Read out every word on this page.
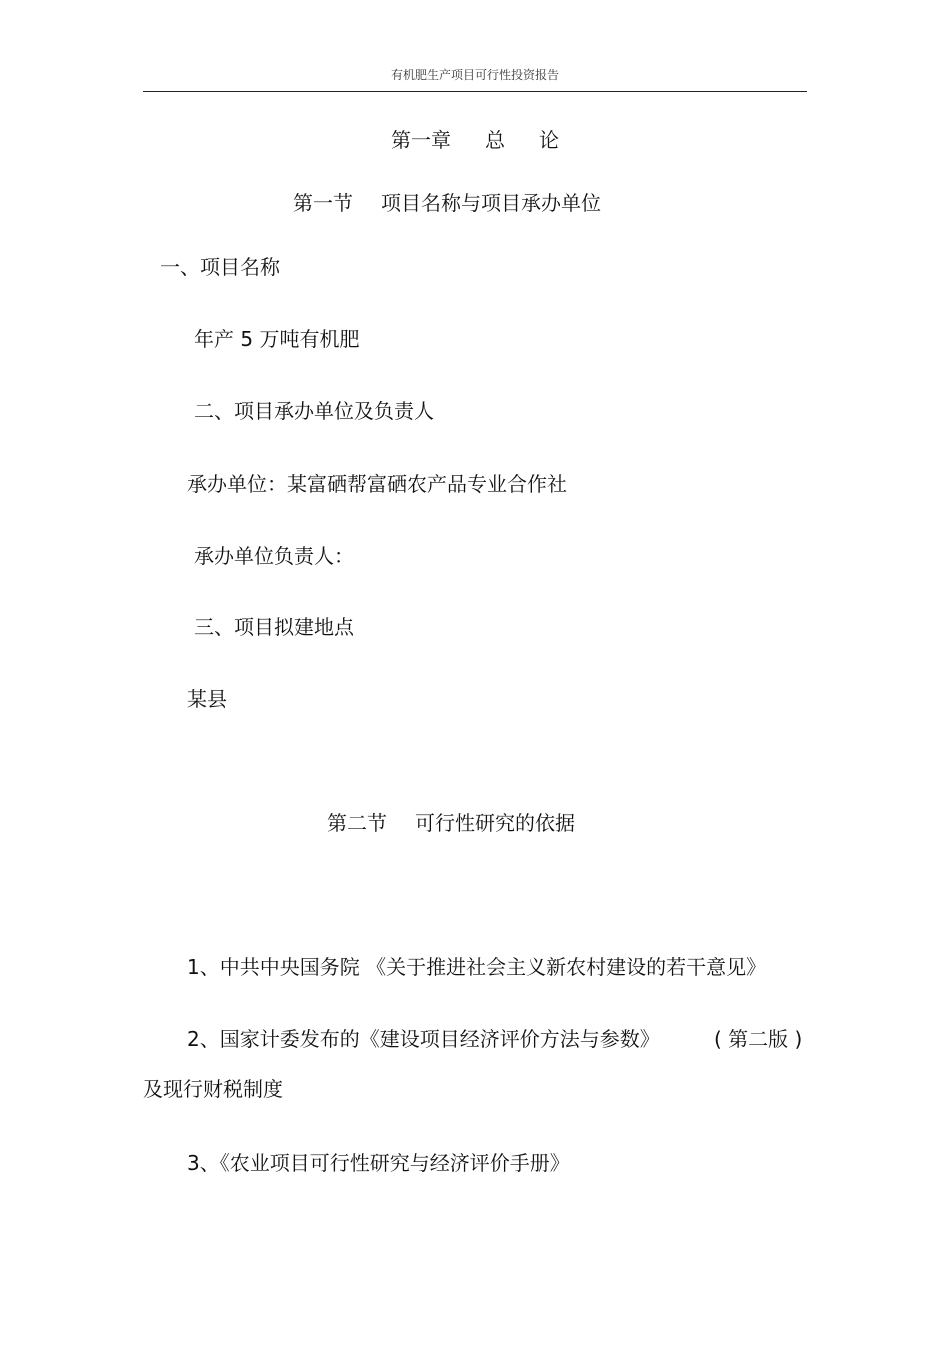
有机肥生产项目可行性投资报告
第一章 总 论
第一节 项目名称与项目承办单位
一、项目名称
年产 5 万吨有机肥
二、项目承办单位及负责人
承办单位：某富硒帮富硒农产品专业合作社
承办单位负责人：
三、项目拟建地点
某县
第二节 可行性研究的依据
1、中共中央国务院 《关于推进社会主义新农村建设的若干意见》
2、国家计委发布的《建设项目经济评价方法与参数》	( 第二版 )
及现行财税制度
3、《农业项目可行性研究与经济评价手册》
